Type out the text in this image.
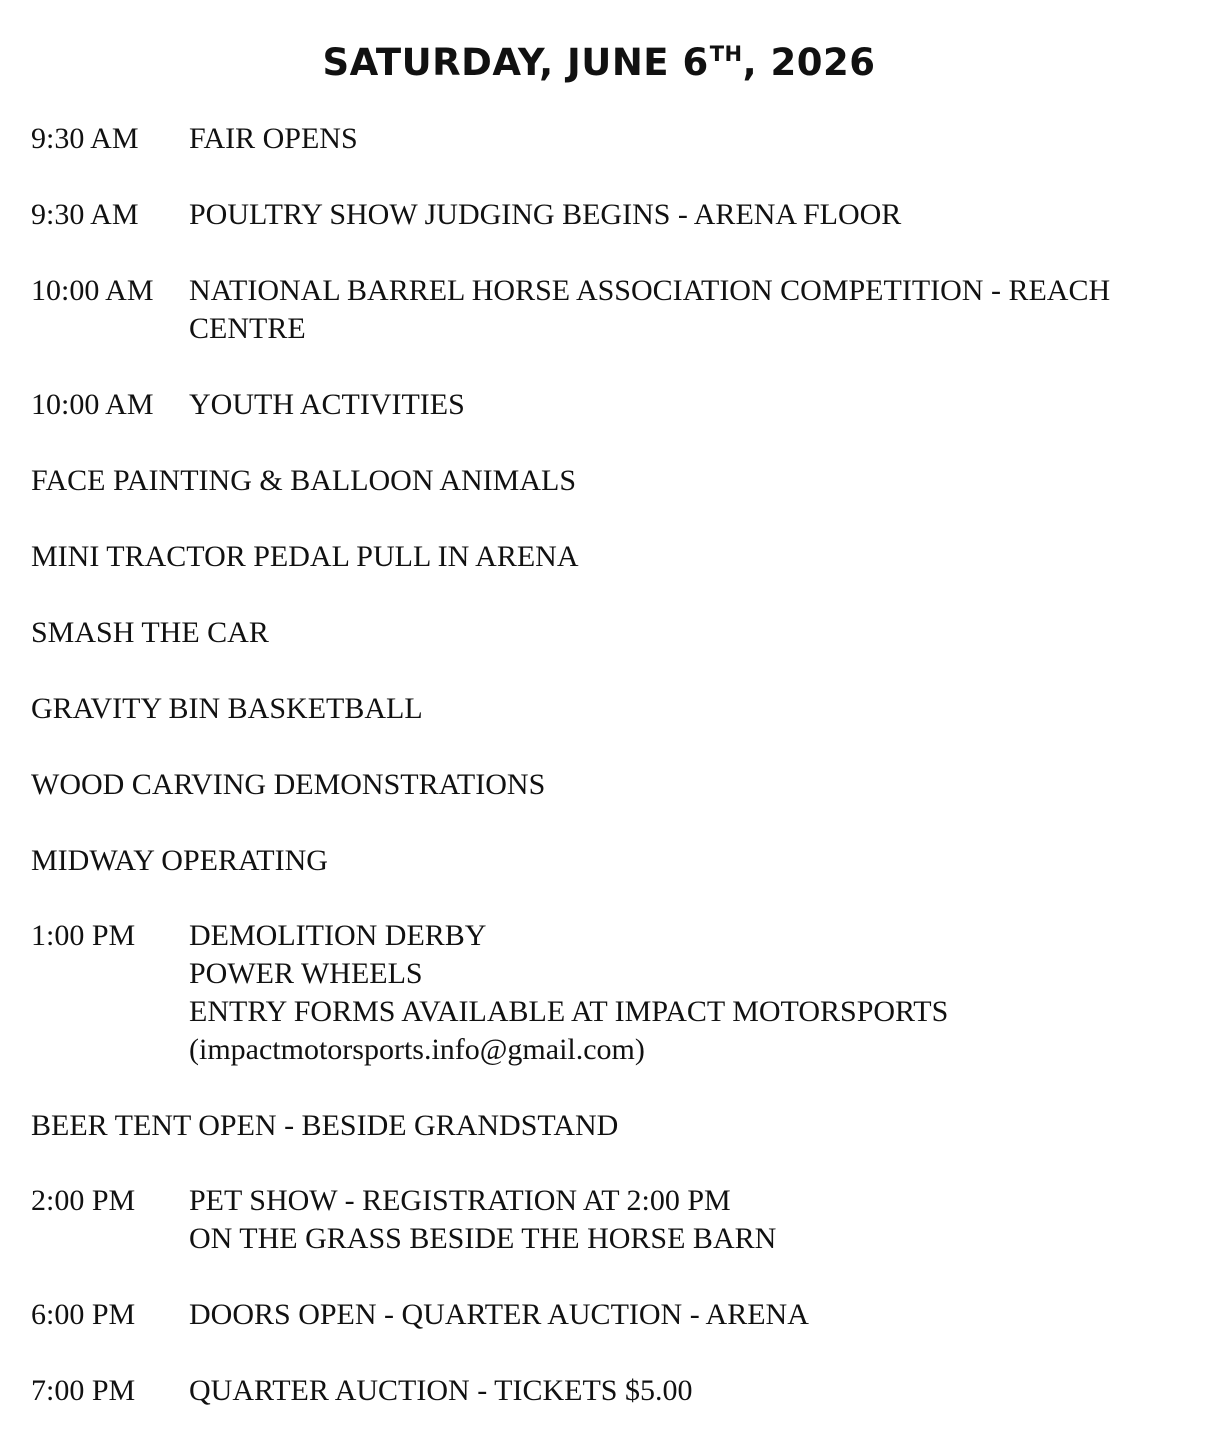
SATURDAY, JUNE 6TH, 2026
9:30 AM FAIR OPENS
9:30 AM POULTRY SHOW JUDGING BEGINS - ARENA FLOOR
10:00 AM NATIONAL BARREL HORSE ASSOCIATION COMPETITION - REACH
CENTRE
10:00 AM YOUTH ACTIVITIES
FACE PAINTING & BALLOON ANIMALS
MINI TRACTOR PEDAL PULL IN ARENA
SMASH THE CAR
GRAVITY BIN BASKETBALL
WOOD CARVING DEMONSTRATIONS
MIDWAY OPERATING
1:00 PM DEMOLITION DERBY
POWER WHEELS
ENTRY FORMS AVAILABLE AT IMPACT MOTORSPORTS
(impactmotorsports.info@gmail.com)
BEER TENT OPEN - BESIDE GRANDSTAND
2:00 PM PET SHOW - REGISTRATION AT 2:00 PM
ON THE GRASS BESIDE THE HORSE BARN
6:00 PM DOORS OPEN - QUARTER AUCTION - ARENA
7:00 PM QUARTER AUCTION - TICKETS $5.00
